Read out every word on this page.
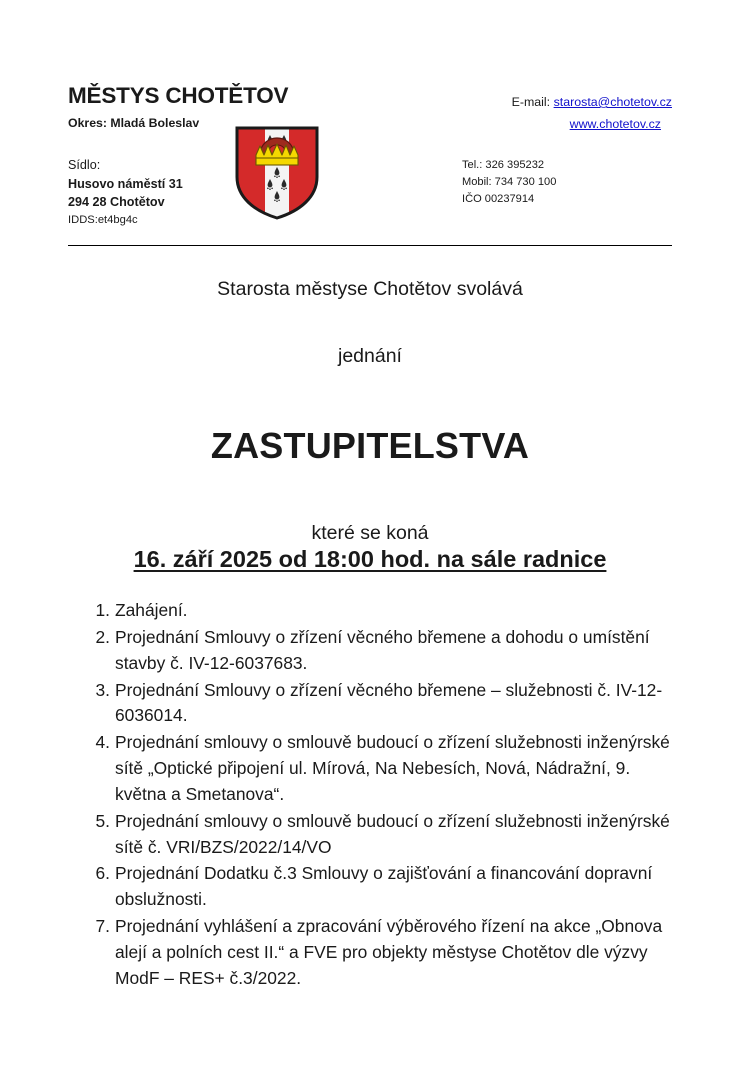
MĚSTYS CHOTĚTOV

Okres: Mladá Boleslav

Sídlo:

Husovo náměstí 31

294 28 Chotětov

IDDS:et4bg4c

E-mail: starosta@chotetov.cz

www.chotetov.cz

Tel.: 326 395232

Mobil: 734 730 100

IČO 00237914

Starosta městyse Chotětov svolává

jednání

ZASTUPITELSTVA

které se koná

16. září 2025 od 18:00 hod. na sále radnice
1. Zahájení.
2. Projednání Smlouvy o zřízení věcného břemene a dohodu o umístění stavby č. IV-12-6037683.
3. Projednání Smlouvy o zřízení věcného břemene – služebnosti č. IV-12-6036014.
4. Projednání smlouvy o smlouvě budoucí o zřízení služebnosti inženýrské sítě „Optické připojení ul. Mírová, Na Nebesích, Nová, Nádražní, 9. května a Smetanova“.
5. Projednání smlouvy o smlouvě budoucí o zřízení služebnosti inženýrské sítě č. VRI/BZS/2022/14/VO
6. Projednání Dodatku č.3 Smlouvy o zajišťování a financování dopravní obslužnosti.
7. Projednání vyhlášení a zpracování výběrového řízení na akce „Obnova alejí a polních cest II.“ a FVE pro objekty městyse Chotětov dle výzvy ModF – RES+ č.3/2022.
